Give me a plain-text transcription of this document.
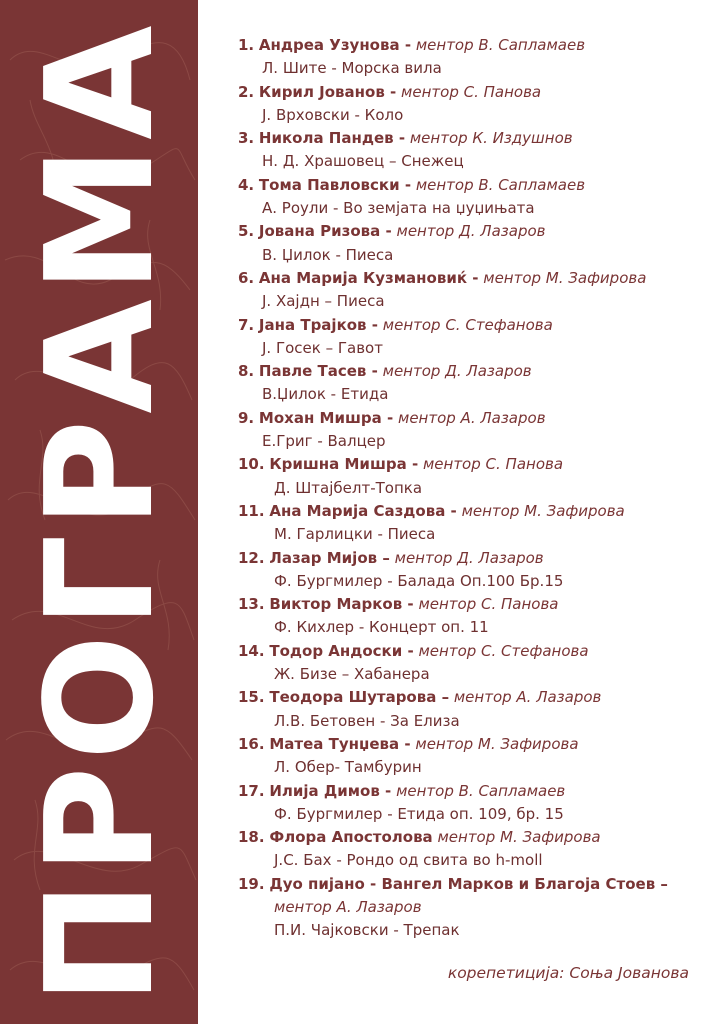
ПРОГРАМА	1. Андреа Узунова - ментор В. Сапламаев
Л. Шите - Морска вила
2. Кирил Јованов - ментор С. Панова
Ј. Врховски - Коло
3. Никола Пандев - ментор К. Издушнов
Н. Д. Храшовец – Снежец
4. Тома Павловски - ментор В. Сапламаев
А. Роули - Во земјата на џуџињата
5. Јована Ризова - ментор Д. Лазаров
В. Џилок - Пиеса
6. Ана Марија Кузмановиќ - ментор М. Зафирова
Ј. Хајдн – Пиеса
7. Јана Трајков - ментор С. Стефанова
Ј. Госек – Гавот
8. Павле Тасев - ментор Д. Лазаров
В.Џилок - Етида
9. Мохан Мишра - ментор А. Лазаров
Е.Григ - Валцер
10. Кришна Мишра - ментор С. Панова
Д. Штајбелт-Топка
11. Ана Марија Саздова - ментор М. Зафирова
М. Гарлицки - Пиеса
12. Лазар Мијов – ментор Д. Лазаров
Ф. Бургмилер - Балада Оп.100 Бр.15
13. Виктор Марков - ментор С. Панова
Ф. Кихлер - Концерт оп. 11
14. Тодор Андоски - ментор С. Стефанова
Ж. Бизе – Хабанера
15. Теодора Шутарова – ментор А. Лазаров
Л.В. Бетовен - За Елиза
16. Матеа Тунџева - ментор М. Зафирова
Л. Обер- Тамбурин
17. Илија Димов - ментор В. Сапламаев
Ф. Бургмилер - Етида оп. 109, бр. 15
18. Флора Апостолова ментор М. Зафирова
Ј.С. Бах - Рондо од свита во h-moll
19. Дуо пијано - Вангел Марков и Благоја Стоев –
ментор А. Лазаров
П.И. Чајковски - Трепак
корепетиција: Соња Јованова
